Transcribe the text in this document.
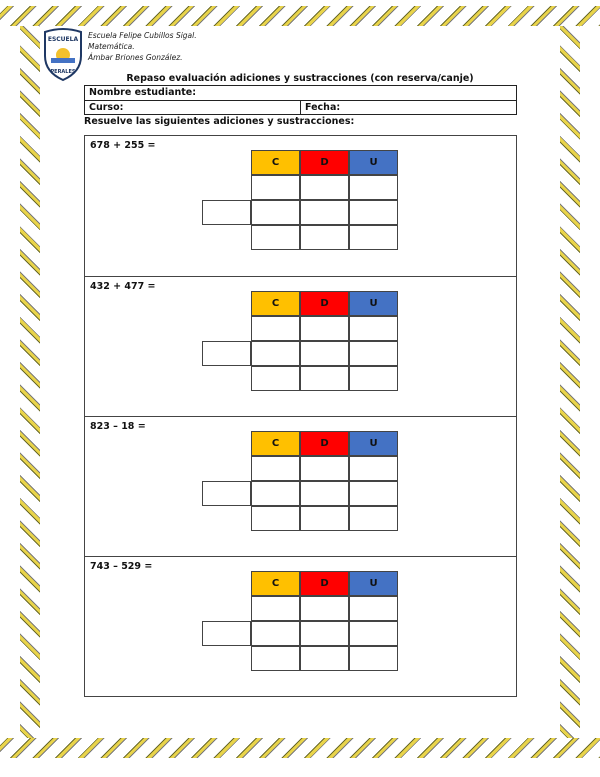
ESCUELA
PERALES
Escuela Felipe Cubillos Sigal.
Matemática.
Ámbar Briones González.
Repaso evaluación adiciones y sustracciones (con reserva/canje)
Nombre estudiante:
Curso:	Fecha:
Resuelve las siguientes adiciones y sustracciones:
678 + 255 =
C	D	U
432 + 477 =
C	D	U
823 – 18 =
C	D	U
743 – 529 =
C	D	U
